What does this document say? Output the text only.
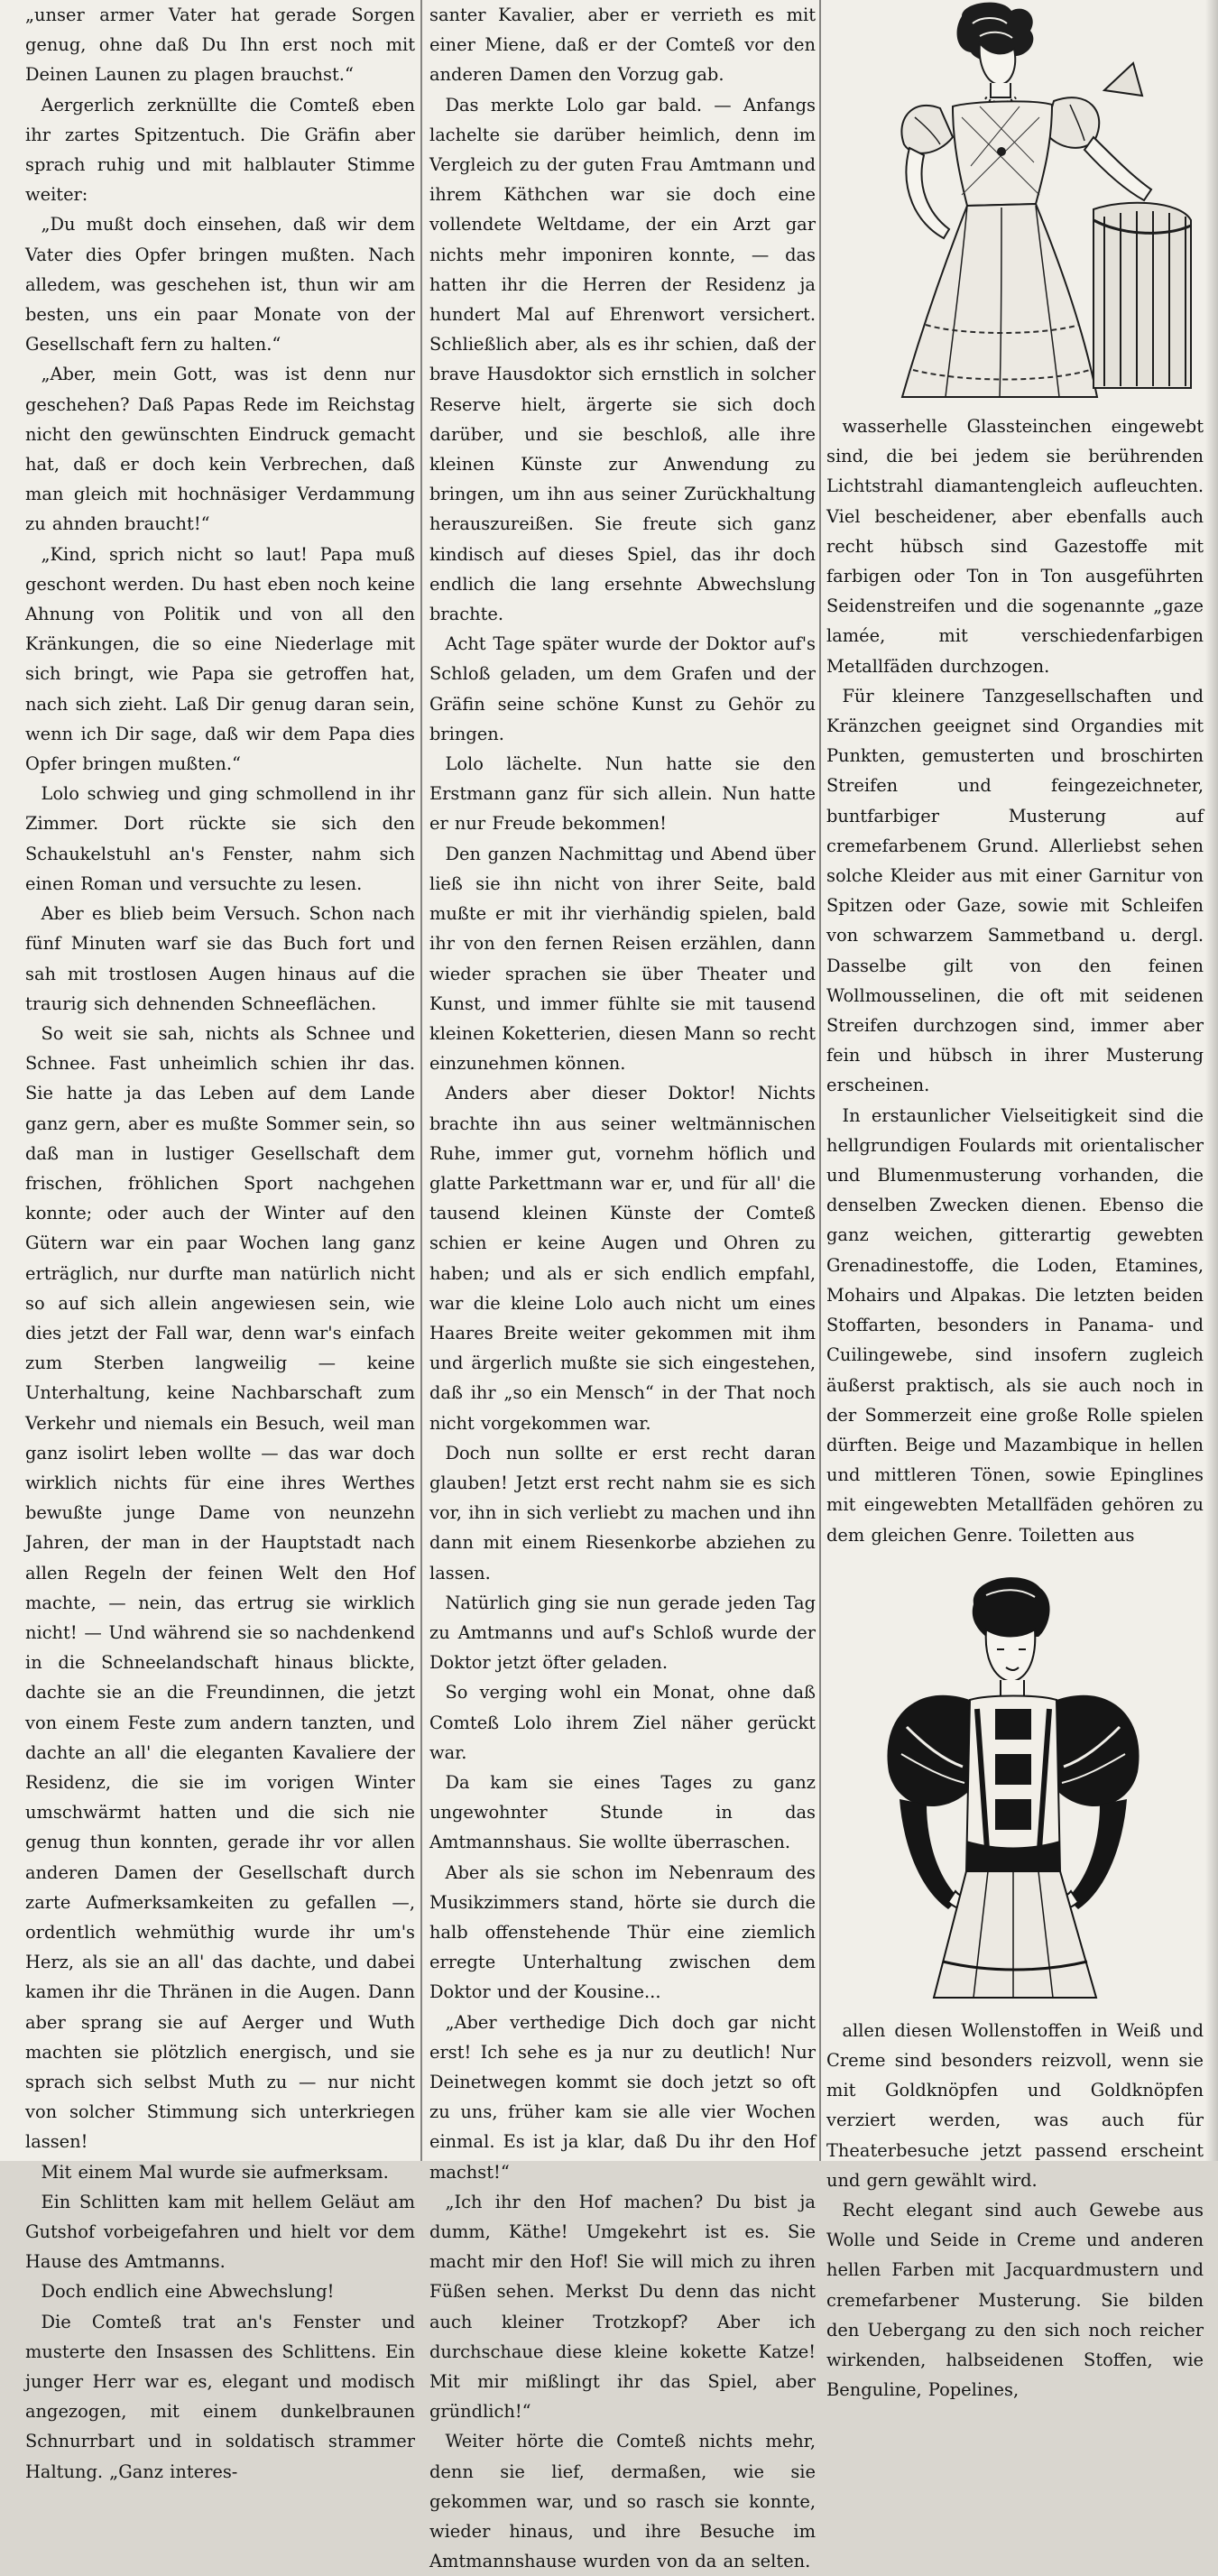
„unser armer Vater hat gerade Sorgen genug, ohne daß Du Ihn erst noch mit Deinen Launen zu plagen brauchst.“

Aergerlich zerknüllte die Comteß eben ihr zartes Spitzentuch. Die Gräfin aber sprach ruhig und mit halblauter Stimme weiter:

„Du mußt doch einsehen, daß wir dem Vater dies Opfer bringen mußten. Nach alledem, was geschehen ist, thun wir am besten, uns ein paar Monate von der Gesellschaft fern zu halten.“

„Aber, mein Gott, was ist denn nur geschehen? Daß Papas Rede im Reichstag nicht den gewünschten Eindruck gemacht hat, daß er doch kein Verbrechen, daß man gleich mit hochnäsiger Verdammung zu ahnden braucht!“

„Kind, sprich nicht so laut! Papa muß geschont werden. Du hast eben noch keine Ahnung von Politik und von all den Kränkungen, die so eine Niederlage mit sich bringt, wie Papa sie getroffen hat, nach sich zieht. Laß Dir genug daran sein, wenn ich Dir sage, daß wir dem Papa dies Opfer bringen mußten.“

Lolo schwieg und ging schmollend in ihr Zimmer. Dort rückte sie sich den Schaukelstuhl an's Fenster, nahm sich einen Roman und versuchte zu lesen.

Aber es blieb beim Versuch. Schon nach fünf Minuten warf sie das Buch fort und sah mit trostlosen Augen hinaus auf die traurig sich dehnenden Schneeflächen.

So weit sie sah, nichts als Schnee und Schnee. Fast unheimlich schien ihr das. Sie hatte ja das Leben auf dem Lande ganz gern, aber es mußte Sommer sein, so daß man in lustiger Gesellschaft dem frischen, fröhlichen Sport nachgehen konnte; oder auch der Winter auf den Gütern war ein paar Wochen lang ganz erträglich, nur durfte man natürlich nicht so auf sich allein angewiesen sein, wie dies jetzt der Fall war, denn war's einfach zum Sterben langweilig — keine Unterhaltung, keine Nachbarschaft zum Verkehr und niemals ein Besuch, weil man ganz isolirt leben wollte — das war doch wirklich nichts für eine ihres Werthes bewußte junge Dame von neunzehn Jahren, der man in der Hauptstadt nach allen Regeln der feinen Welt den Hof machte, — nein, das ertrug sie wirklich nicht! — Und während sie so nachdenkend in die Schneelandschaft hinaus blickte, dachte sie an die Freundinnen, die jetzt von einem Feste zum andern tanzten, und dachte an all' die eleganten Kavaliere der Residenz, die sie im vorigen Winter umschwärmt hatten und die sich nie genug thun konnten, gerade ihr vor allen anderen Damen der Gesellschaft durch zarte Aufmerksamkeiten zu gefallen —, ordentlich wehmüthig wurde ihr um's Herz, als sie an all' das dachte, und dabei kamen ihr die Thränen in die Augen. Dann aber sprang sie auf Aerger und Wuth machten sie plötzlich energisch, und sie sprach sich selbst Muth zu — nur nicht von solcher Stimmung sich unterkriegen lassen!

Mit einem Mal wurde sie aufmerksam.

Ein Schlitten kam mit hellem Geläut am Gutshof vorbeigefahren und hielt vor dem Hause des Amtmanns.

Doch endlich eine Abwechslung!

Die Comteß trat an's Fenster und musterte den Insassen des Schlittens. Ein junger Herr war es, elegant und modisch angezogen, mit einem dunkelbraunen Schnurrbart und in soldatisch strammer Haltung. „Ganz interes-

santer Kavalier, aber er verrieth es mit einer Miene, daß er der Comteß vor den anderen Damen den Vorzug gab.

Das merkte Lolo gar bald. — Anfangs lachelte sie darüber heimlich, denn im Vergleich zu der guten Frau Amtmann und ihrem Käthchen war sie doch eine vollendete Weltdame, der ein Arzt gar nichts mehr imponiren konnte, — das hatten ihr die Herren der Residenz ja hundert Mal auf Ehrenwort versichert. Schließlich aber, als es ihr schien, daß der brave Hausdoktor sich ernstlich in solcher Reserve hielt, ärgerte sie sich doch darüber, und sie beschloß, alle ihre kleinen Künste zur Anwendung zu bringen, um ihn aus seiner Zurückhaltung herauszureißen. Sie freute sich ganz kindisch auf dieses Spiel, das ihr doch endlich die lang ersehnte Abwechslung brachte.

Acht Tage später wurde der Doktor auf's Schloß geladen, um dem Grafen und der Gräfin seine schöne Kunst zu Gehör zu bringen.

Lolo lächelte. Nun hatte sie den Erstmann ganz für sich allein. Nun hatte er nur Freude bekommen!

Den ganzen Nachmittag und Abend über ließ sie ihn nicht von ihrer Seite, bald mußte er mit ihr vierhändig spielen, bald ihr von den fernen Reisen erzählen, dann wieder sprachen sie über Theater und Kunst, und immer fühlte sie mit tausend kleinen Koketterien, diesen Mann so recht einzunehmen können.

Anders aber dieser Doktor! Nichts brachte ihn aus seiner weltmännischen Ruhe, immer gut, vornehm höflich und glatte Parkettmann war er, und für all' die tausend kleinen Künste der Comteß schien er keine Augen und Ohren zu haben; und als er sich endlich empfahl, war die kleine Lolo auch nicht um eines Haares Breite weiter gekommen mit ihm und ärgerlich mußte sie sich eingestehen, daß ihr „so ein Mensch“ in der That noch nicht vorgekommen war.

Doch nun sollte er erst recht daran glauben! Jetzt erst recht nahm sie es sich vor, ihn in sich verliebt zu machen und ihn dann mit einem Riesenkorbe abziehen zu lassen.

Natürlich ging sie nun gerade jeden Tag zu Amtmanns und auf's Schloß wurde der Doktor jetzt öfter geladen.

So verging wohl ein Monat, ohne daß Comteß Lolo ihrem Ziel näher gerückt war.

Da kam sie eines Tages zu ganz ungewohnter Stunde in das Amtmannshaus. Sie wollte überraschen.

Aber als sie schon im Nebenraum des Musikzimmers stand, hörte sie durch die halb offenstehende Thür eine ziemlich erregte Unterhaltung zwischen dem Doktor und der Kousine...

„Aber verthedige Dich doch gar nicht erst! Ich sehe es ja nur zu deutlich! Nur Deinetwegen kommt sie doch jetzt so oft zu uns, früher kam sie alle vier Wochen einmal. Es ist ja klar, daß Du ihr den Hof machst!“

„Ich ihr den Hof machen? Du bist ja dumm, Käthe! Umgekehrt ist es. Sie macht mir den Hof! Sie will mich zu ihren Füßen sehen. Merkst Du denn das nicht auch kleiner Trotzkopf? Aber ich durchschaue diese kleine kokette Katze! Mit mir mißlingt ihr das Spiel, aber gründlich!“

Weiter hörte die Comteß nichts mehr, denn sie lief, dermaßen, wie sie gekommen war, und so rasch sie konnte, wieder hinaus, und ihre Besuche im Amtmannshause wurden von da an selten.

wasserhelle Glassteinchen eingewebt sind, die bei jedem sie berührenden Lichtstrahl diamantengleich aufleuchten. Viel bescheidener, aber ebenfalls auch recht hübsch sind Gazestoffe mit farbigen oder Ton in Ton ausgeführten Seidenstreifen und die sogenannte „gaze lamée, mit verschiedenfarbigen Metallfäden durchzogen.

Für kleinere Tanzgesellschaften und Kränzchen geeignet sind Organdies mit Punkten, gemusterten und broschirten Streifen und feingezeichneter, buntfarbiger Musterung auf cremefarbenem Grund. Allerliebst sehen solche Kleider aus mit einer Garnitur von Spitzen oder Gaze, sowie mit Schleifen von schwarzem Sammetband u. dergl. Dasselbe gilt von den feinen Wollmousselinen, die oft mit seidenen Streifen durchzogen sind, immer aber fein und hübsch in ihrer Musterung erscheinen.

In erstaunlicher Vielseitigkeit sind die hellgrundigen Foulards mit orientalischer und Blumenmusterung vorhanden, die denselben Zwecken dienen. Ebenso die ganz weichen, gitterartig gewebten Grenadinestoffe, die Loden, Etamines, Mohairs und Alpakas. Die letzten beiden Stoffarten, besonders in Panama- und Cuilingewebe, sind insofern zugleich äußerst praktisch, als sie auch noch in der Sommerzeit eine große Rolle spielen dürften. Beige und Mazambique in hellen und mittleren Tönen, sowie Epinglines mit eingewebten Metallfäden gehören zu dem gleichen Genre. Toiletten aus

allen diesen Wollenstoffen in Weiß und Creme sind besonders reizvoll, wenn sie mit Goldknöpfen und Goldknöpfen verziert werden, was auch für Theaterbesuche jetzt passend erscheint und gern gewählt wird.

Recht elegant sind auch Gewebe aus Wolle und Seide in Creme und anderen hellen Farben mit Jacquardmustern und cremefarbener Musterung. Sie bilden den Uebergang zu den sich noch reicher wirkenden, halbseidenen Stoffen, wie Benguline, Popelines,
